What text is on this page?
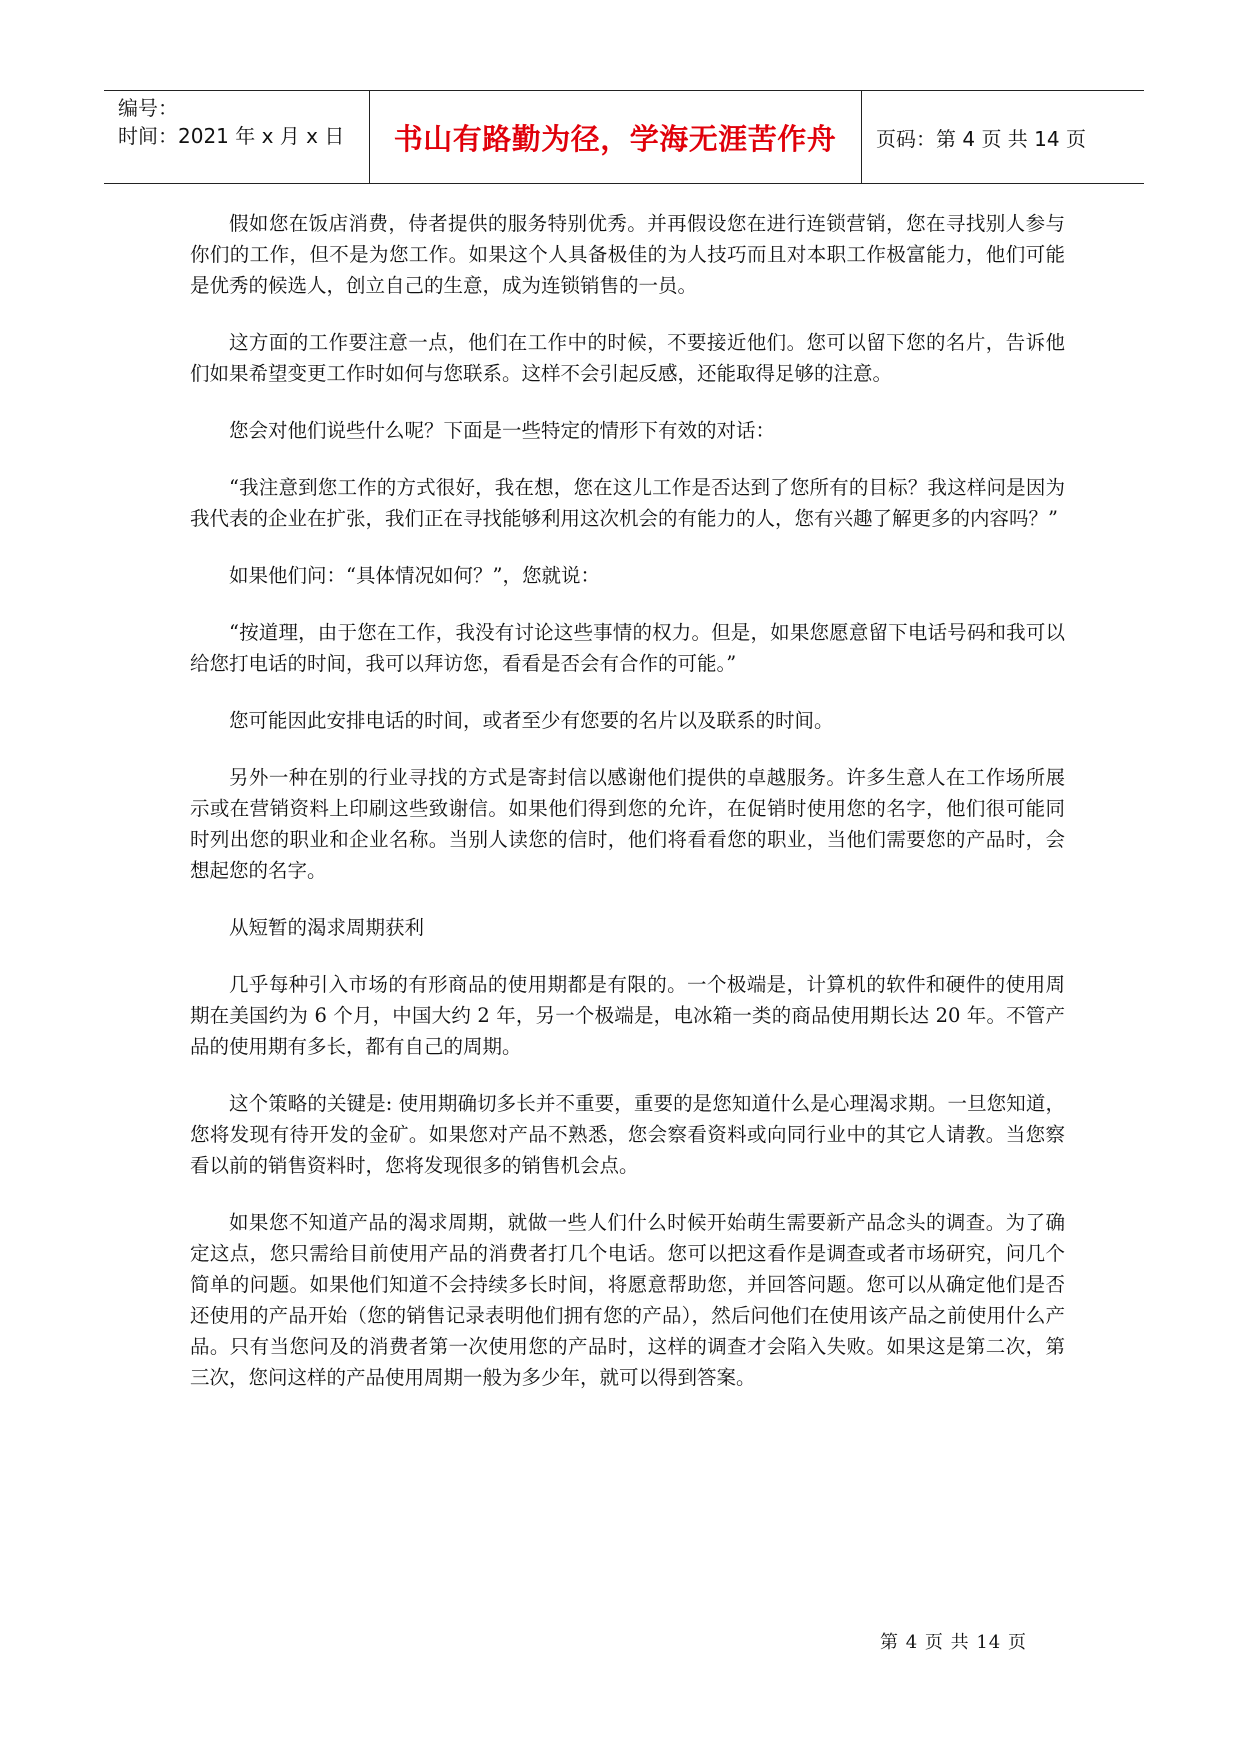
编号：
时间：2021 年 x 月 x 日	书山有路勤为径，学海无涯苦作舟	页码：第 4 页 共 14 页

假如您在饭店消费，侍者提供的服务特别优秀。并再假设您在进行连锁营销，您在寻找别人参与你们的工作，但不是为您工作。如果这个人具备极佳的为人技巧而且对本职工作极富能力，他们可能是优秀的候选人，创立自己的生意，成为连锁销售的一员。

这方面的工作要注意一点，他们在工作中的时候，不要接近他们。您可以留下您的名片，告诉他们如果希望变更工作时如何与您联系。这样不会引起反感，还能取得足够的注意。

您会对他们说些什么呢？下面是一些特定的情形下有效的对话：

“我注意到您工作的方式很好，我在想，您在这儿工作是否达到了您所有的目标？我这样问是因为我代表的企业在扩张，我们正在寻找能够利用这次机会的有能力的人，您有兴趣了解更多的内容吗？”

如果他们问：“具体情况如何？”，您就说：

“按道理，由于您在工作，我没有讨论这些事情的权力。但是，如果您愿意留下电话号码和我可以给您打电话的时间，我可以拜访您，看看是否会有合作的可能。”

您可能因此安排电话的时间，或者至少有您要的名片以及联系的时间。

另外一种在别的行业寻找的方式是寄封信以感谢他们提供的卓越服务。许多生意人在工作场所展示或在营销资料上印刷这些致谢信。如果他们得到您的允许，在促销时使用您的名字，他们很可能同时列出您的职业和企业名称。当别人读您的信时，他们将看看您的职业，当他们需要您的产品时，会想起您的名字。

从短暂的渴求周期获利

几乎每种引入市场的有形商品的使用期都是有限的。一个极端是，计算机的软件和硬件的使用周期在美国约为 6 个月，中国大约 2 年，另一个极端是，电冰箱一类的商品使用期长达 20 年。不管产品的使用期有多长，都有自己的周期。

这个策略的关键是: 使用期确切多长并不重要，重要的是您知道什么是心理渴求期。一旦您知道，您将发现有待开发的金矿。如果您对产品不熟悉，您会察看资料或向同行业中的其它人请教。当您察看以前的销售资料时，您将发现很多的销售机会点。

如果您不知道产品的渴求周期，就做一些人们什么时候开始萌生需要新产品念头的调查。为了确定这点，您只需给目前使用产品的消费者打几个电话。您可以把这看作是调查或者市场研究，问几个简单的问题。如果他们知道不会持续多长时间，将愿意帮助您，并回答问题。您可以从确定他们是否还使用的产品开始（您的销售记录表明他们拥有您的产品），然后问他们在使用该产品之前使用什么产品。只有当您问及的消费者第一次使用您的产品时，这样的调查才会陷入失败。如果这是第二次，第三次，您问这样的产品使用周期一般为多少年，就可以得到答案。

第 4 页 共 14 页
